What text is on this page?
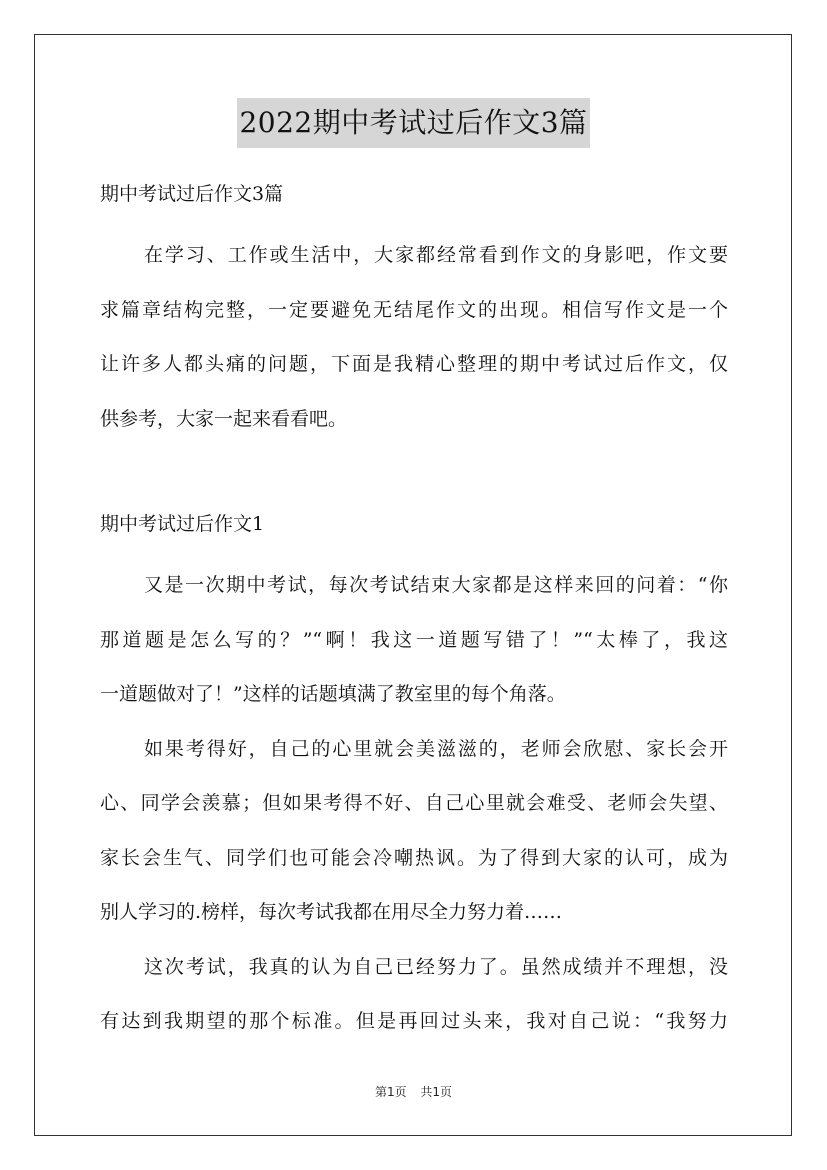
2022期中考试过后作文3篇
期中考试过后作文3篇
在学习、工作或生活中，大家都经常看到作文的身影吧，作文要
求篇章结构完整，一定要避免无结尾作文的出现。相信写作文是一个
让许多人都头痛的问题，下面是我精心整理的期中考试过后作文，仅
供参考，大家一起来看看吧。
期中考试过后作文1
又是一次期中考试，每次考试结束大家都是这样来回的问着：“你
那道题是怎么写的？”“啊！我这一道题写错了！”“太棒了，我这
一道题做对了！”这样的话题填满了教室里的每个角落。
如果考得好，自己的心里就会美滋滋的，老师会欣慰、家长会开
心、同学会羡慕；但如果考得不好、自己心里就会难受、老师会失望、
家长会生气、同学们也可能会冷嘲热讽。为了得到大家的认可，成为
别人学习的.榜样，每次考试我都在用尽全力努力着……
这次考试，我真的认为自己已经努力了。虽然成绩并不理想，没
有达到我期望的那个标准。但是再回过头来，我对自己说：“我努力
第1页 共1页
